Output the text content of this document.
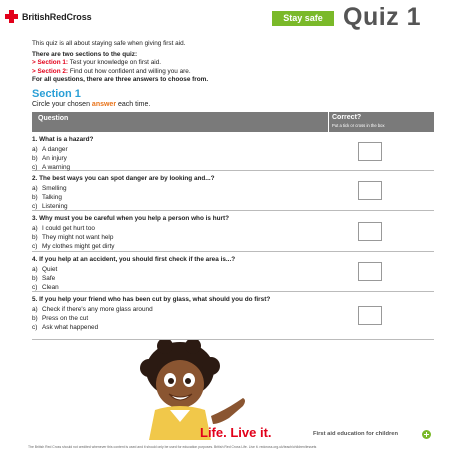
BritishRedCross	Stay safe Quiz 1

This quiz is all about staying safe when giving first aid.

There are two sections to the quiz:
> Section 1: Test your knowledge on first aid.
> Section 2: Find out how confident and willing you are.
For all questions, there are three answers to choose from.
Section 1
Circle your chosen answer each time.
Question	Correct?
Put a tick or cross in the box
1. What is a hazard?
a) A danger
b) An injury
c) A warning
2. The best ways you can spot danger are by looking and...?
a) Smelling
b) Talking
c) Listening
3. Why must you be careful when you help a person who is hurt?
a) I could get hurt too
b) They might not want help
c) My clothes might get dirty
4. If you help at an accident, you should first check if the area is...?
a) Quiet
b) Safe
c) Clean
5. If you help your friend who has been cut by glass, what should you do first?
a) Check if there's any more glass around
b) Press on the cut
c) Ask what happened
Life. Live it.	First aid education for children
The British Red Cross should not credited whenever this content is used and it should only be used for education purposes. British Red Cross Life. Live it. redcross.org.uk/teach/children/lessets
